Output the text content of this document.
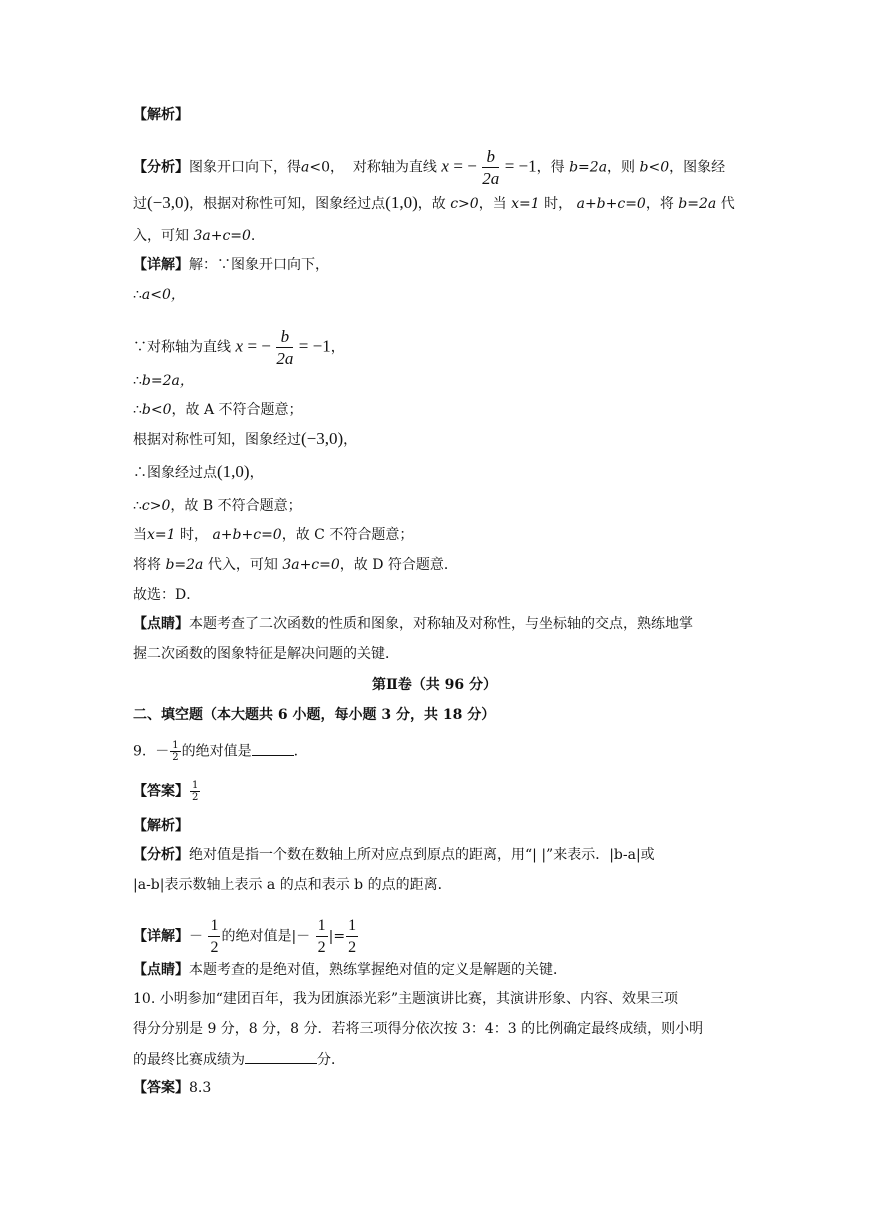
【解析】
【分析】图象开口向下，得a<0， 对称轴为直线 x = − $\frac{b}{2a} = -1$，得 b=2a，则 b<0，图象经
过(−3,0)，根据对称性可知，图象经过点(1,0)，故 c>0，当 x=1 时， a+b+c=0，将 b=2a 代
入，可知 3a+c=0.
【详解】解：∵图象开口向下，
∴a<0，
∵对称轴为直线 x = − $\frac{b}{2a} = -1$，
∴b=2a，
∴b<0，故 A 不符合题意；
根据对称性可知，图象经过(−3,0)，
∴图象经过点(1,0)，
∴c>0，故 B 不符合题意；
当x=1 时， a+b+c=0，故 C 不符合题意；
将将 b=2a 代入，可知 3a+c=0，故 D 符合题意．
故选：D．
【点睛】本题考查了二次函数的性质和图象，对称轴及对称性，与坐标轴的交点，熟练地掌
握二次函数的图象特征是解决问题的关键．
第Ⅱ卷（共 96 分）
二、填空题（本大题共 6 小题，每小题 3 分，共 18 分）
9. － $\frac{1}{2}$ 的绝对值是	.
【答案】 $\frac{1}{2}$
【解析】
【分析】绝对值是指一个数在数轴上所对应点到原点的距离，用“| |”来表示．|b-a|或
|a-b|表示数轴上表示 a 的点和表示 b 的点的距离．
【详解】－ $\frac{1}{2}$ 的绝对值是|－ $\frac{1}{2}$ |= $\frac{1}{2}$
【点睛】本题考查的是绝对值，熟练掌握绝对值的定义是解题的关键．
10. 小明参加“建团百年，我为团旗添光彩”主题演讲比赛，其演讲形象、内容、效果三项
得分分别是 9 分，8 分，8 分．若将三项得分依次按 3：4：3 的比例确定最终成绩，则小明
的最终比赛成绩为	分．
【答案】8.3
